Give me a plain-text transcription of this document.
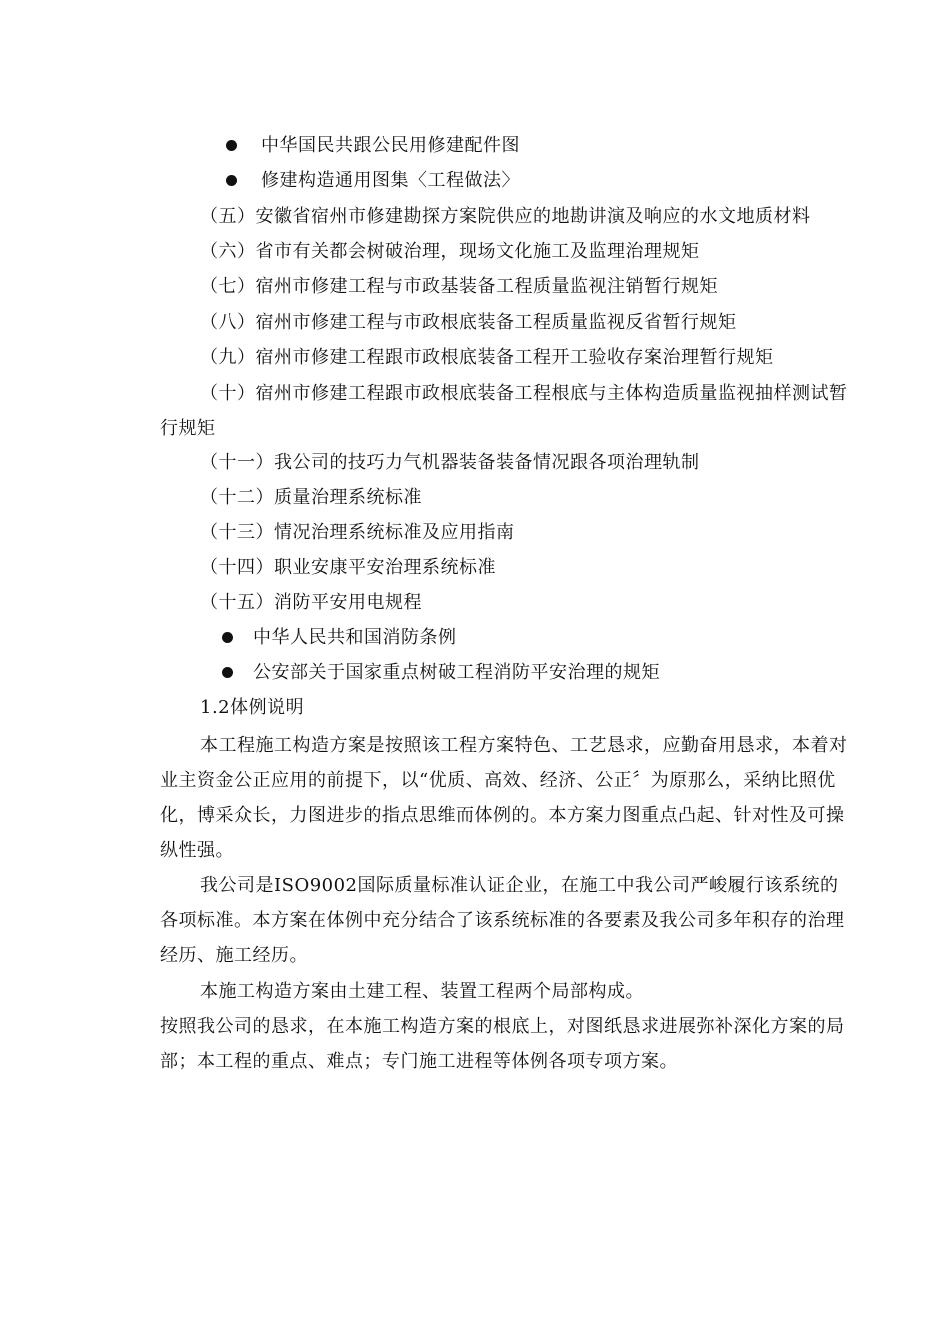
中华国民共跟公民用修建配件图
修建构造通用图集〈工程做法〉
（五）安徽省宿州市修建勘探方案院供应的地勘讲演及响应的水文地质材料
（六）省市有关都会树破治理，现场文化施工及监理治理规矩
（七）宿州市修建工程与市政基装备工程质量监视注销暂行规矩
（八）宿州市修建工程与市政根底装备工程质量监视反省暂行规矩
（九）宿州市修建工程跟市政根底装备工程开工验收存案治理暂行规矩
（十）宿州市修建工程跟市政根底装备工程根底与主体构造质量监视抽样测试暂行规矩
（十一）我公司的技巧力气机器装备装备情况跟各项治理轨制
（十二）质量治理系统标准
（十三）情况治理系统标准及应用指南
（十四）职业安康平安治理系统标准
（十五）消防平安用电规程
中华人民共和国消防条例
公安部关于国家重点树破工程消防平安治理的规矩
1.2体例说明
本工程施工构造方案是按照该工程方案特色、工艺恳求，应勤奋用恳求，本着对业主资金公正应用的前提下，以“优质、高效、经济、公正〞为原那么，采纳比照优化，博采众长，力图进步的指点思维而体例的。本方案力图重点凸起、针对性及可操纵性强。
我公司是ISO9002国际质量标准认证企业，在施工中我公司严峻履行该系统的各项标准。本方案在体例中充分结合了该系统标准的各要素及我公司多年积存的治理经历、施工经历。
本施工构造方案由土建工程、装置工程两个局部构成。
按照我公司的恳求，在本施工构造方案的根底上，对图纸恳求进展弥补深化方案的局部；本工程的重点、难点；专门施工进程等体例各项专项方案。
